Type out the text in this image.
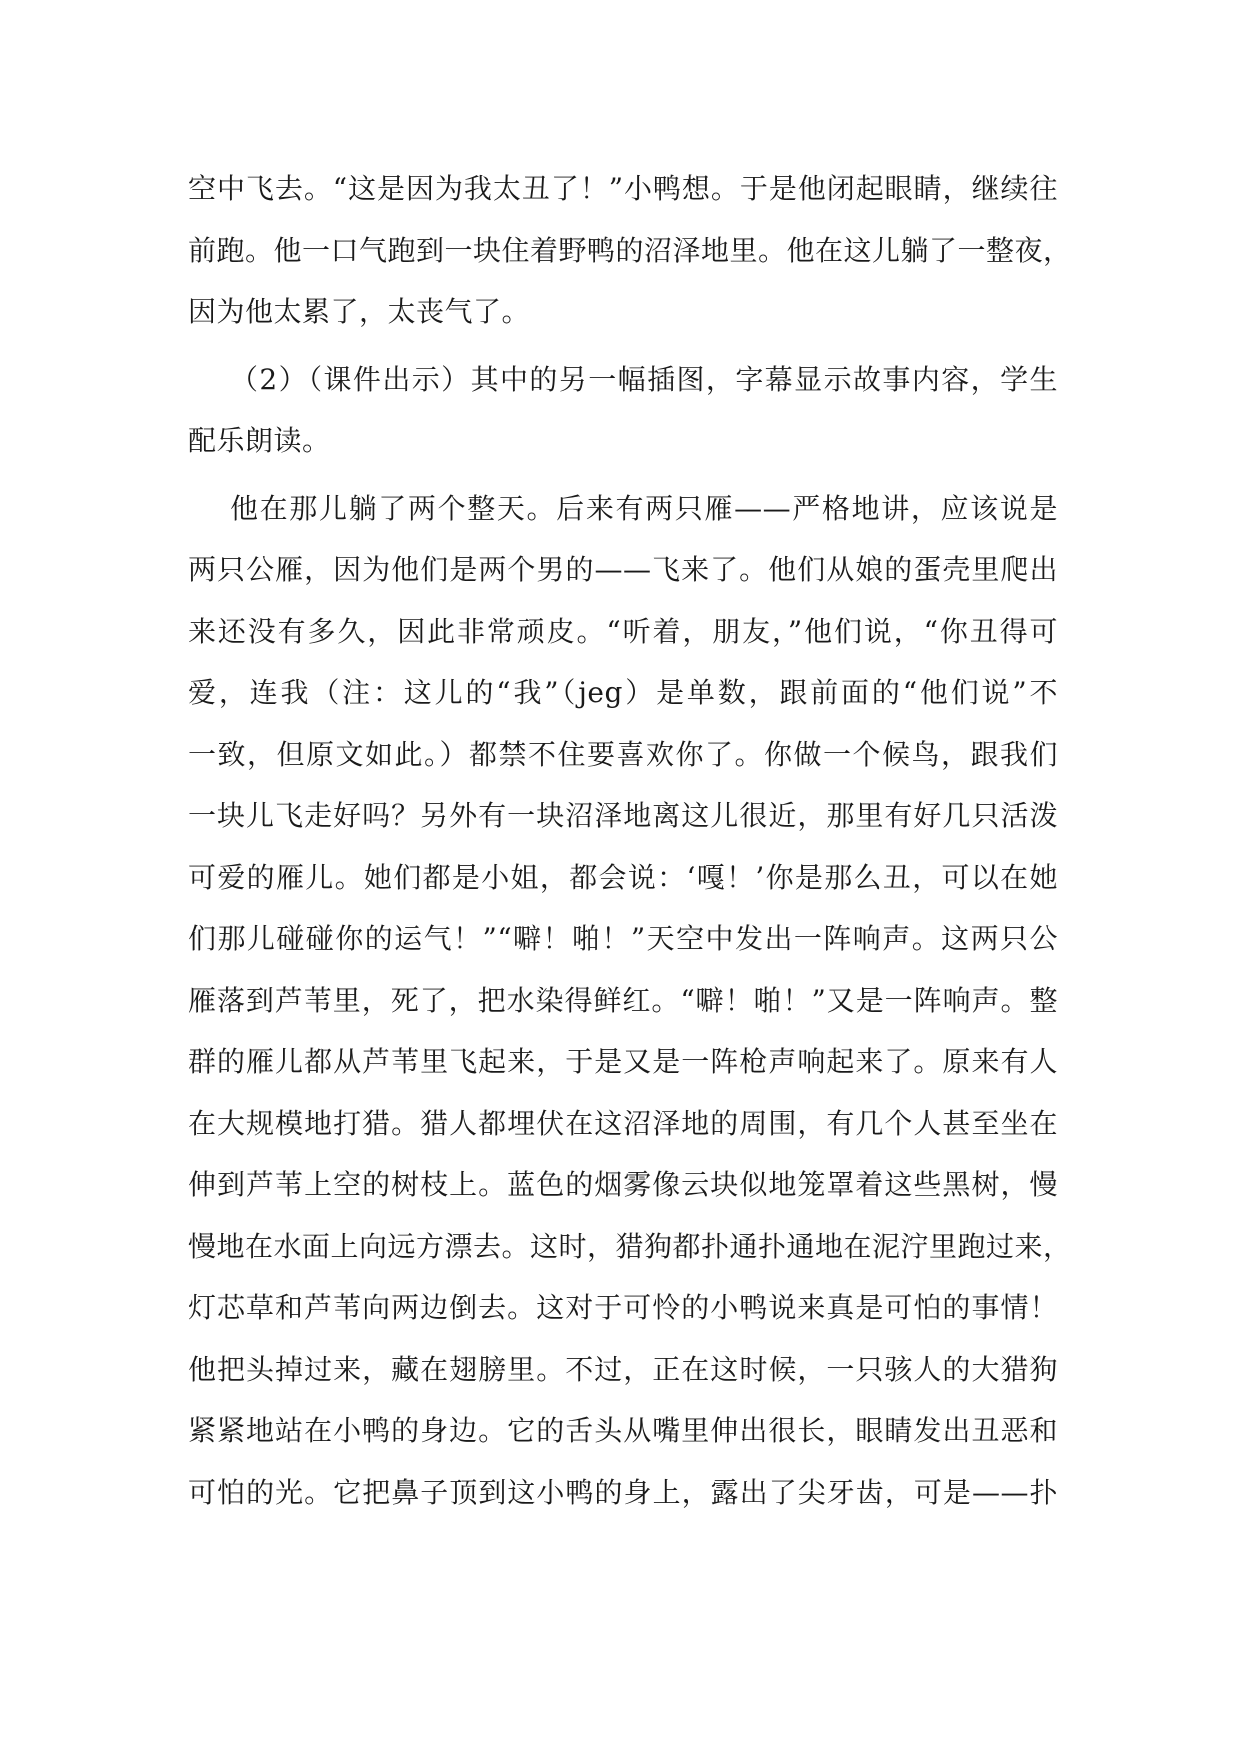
空中飞去。“这是因为我太丑了！”小鸭想。于是他闭起眼睛，继续往
前跑。他一口气跑到一块住着野鸭的沼泽地里。他在这儿躺了一整夜，
因为他太累了，太丧气了。
（2）（课件出示）其中的另一幅插图，字幕显示故事内容，学生
配乐朗读。
他在那儿躺了两个整天。后来有两只雁——严格地讲，应该说是
两只公雁，因为他们是两个男的——飞来了。他们从娘的蛋壳里爬出
来还没有多久，因此非常顽皮。“听着，朋友，”他们说，“你丑得可
爱，连我（注：这儿的“我”（jeg）是单数，跟前面的“他们说”不
一致，但原文如此。）都禁不住要喜欢你了。你做一个候鸟，跟我们
一块儿飞走好吗？另外有一块沼泽地离这儿很近，那里有好几只活泼
可爱的雁儿。她们都是小姐，都会说：‘嘎！’你是那么丑，可以在她
们那儿碰碰你的运气！”“噼！啪！”天空中发出一阵响声。这两只公
雁落到芦苇里，死了，把水染得鲜红。“噼！啪！”又是一阵响声。整
群的雁儿都从芦苇里飞起来，于是又是一阵枪声响起来了。原来有人
在大规模地打猎。猎人都埋伏在这沼泽地的周围，有几个人甚至坐在
伸到芦苇上空的树枝上。蓝色的烟雾像云块似地笼罩着这些黑树，慢
慢地在水面上向远方漂去。这时，猎狗都扑通扑通地在泥泞里跑过来，
灯芯草和芦苇向两边倒去。这对于可怜的小鸭说来真是可怕的事情！
他把头掉过来，藏在翅膀里。不过，正在这时候，一只骇人的大猎狗
紧紧地站在小鸭的身边。它的舌头从嘴里伸出很长，眼睛发出丑恶和
可怕的光。它把鼻子顶到这小鸭的身上，露出了尖牙齿，可是——扑
